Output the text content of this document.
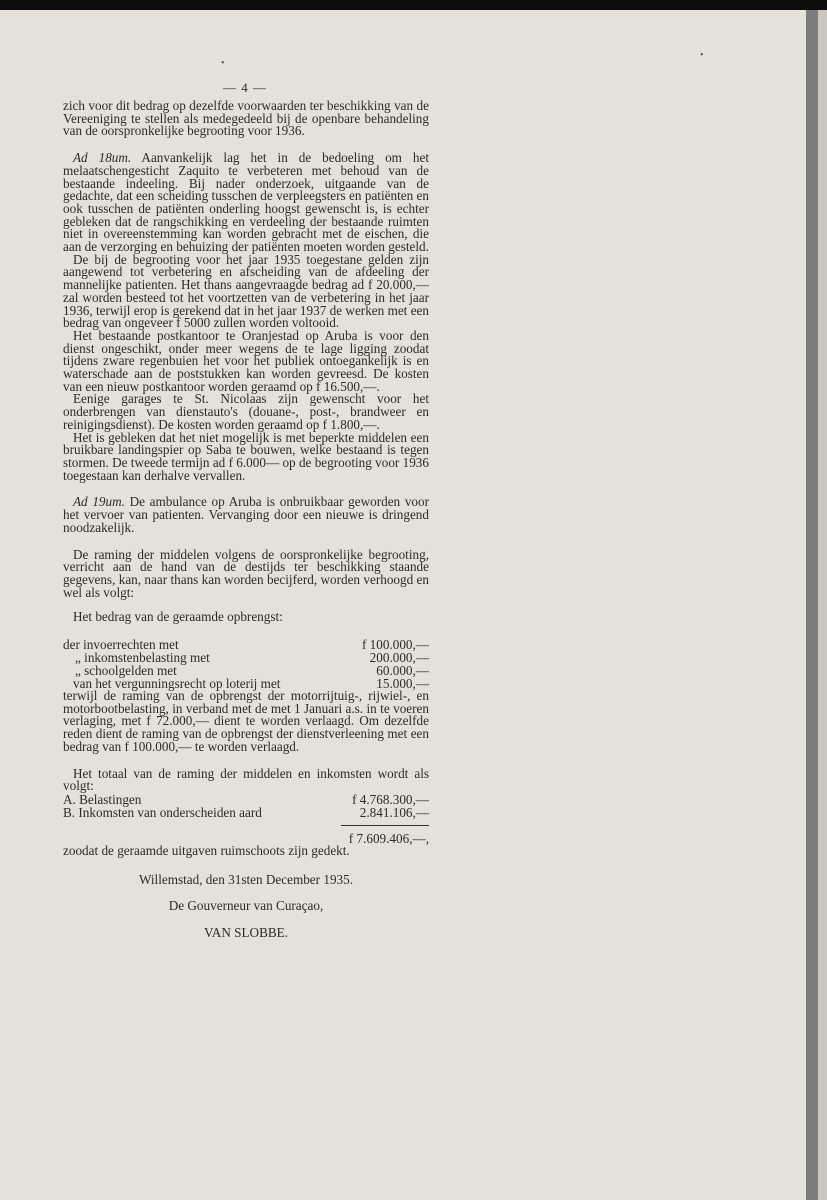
•
•
— 4 —

zich voor dit bedrag op dezelfde voorwaarden ter beschikking van de Vereeniging te stellen als medegedeeld bij de openbare behandeling van de oorspronkelijke begrooting voor 1936.

Ad 18um. Aanvankelijk lag het in de bedoeling om het melaatschengesticht Zaquito te verbeteren met behoud van de bestaande indeeling. Bij nader onderzoek, uitgaande van de gedachte, dat een scheiding tusschen de verpleegsters en patiënten en ook tusschen de patiënten onderling hoogst gewenscht is, is echter gebleken dat de rangschikking en verdeeling der bestaande ruimten niet in overeenstemming kan worden gebracht met de eischen, die aan de verzorging en behuizing der patiënten moeten worden gesteld.

De bij de begrooting voor het jaar 1935 toegestane gelden zijn aangewend tot verbetering en afscheiding van de afdeeling der mannelijke patienten. Het thans aangevraagde bedrag ad f 20.000,— zal worden besteed tot het voortzetten van de verbetering in het jaar 1936, terwijl erop is gerekend dat in het jaar 1937 de werken met een bedrag van ongeveer f 5000 zullen worden voltooid.

Het bestaande postkantoor te Oranjestad op Aruba is voor den dienst ongeschikt, onder meer wegens de te lage ligging zoodat tijdens zware regenbuien het voor het publiek ontoegankelijk is en waterschade aan de poststukken kan worden gevreesd. De kosten van een nieuw postkantoor worden geraamd op f 16.500,—.

Eenige garages te St. Nicolaas zijn gewenscht voor het onderbrengen van dienstauto's (douane-, post-, brandweer en reinigingsdienst). De kosten worden geraamd op f 1.800,—.

Het is gebleken dat het niet mogelijk is met beperkte middelen een bruikbare landingspier op Saba te bouwen, welke bestaand is tegen stormen. De tweede termijn ad f 6.000— op de begrooting voor 1936 toegestaan kan derhalve vervallen.

Ad 19um. De ambulance op Aruba is onbruikbaar geworden voor het vervoer van patienten. Vervanging door een nieuwe is dringend noodzakelijk.

De raming der middelen volgens de oorspronkelijke begrooting, verricht aan de hand van de destijds ter beschikking staande gegevens, kan, naar thans kan worden becijferd, worden verhoogd en wel als volgt:

Het bedrag van de geraamde opbrengst:

der invoerrechten met	f 100.000,—
„ inkomstenbelasting met	200.000,—
„ schoolgelden met	60.000,—
van het vergunningsrecht op loterij met	15.000,—

terwijl de raming van de opbrengst der motorrijtuig-, rijwiel-, en motorbootbelasting, in verband met de met 1 Januari a.s. in te voeren verlaging, met f 72.000,— dient te worden verlaagd. Om dezelfde reden dient de raming van de opbrengst der dienstverleening met een bedrag van f 100.000,— te worden verlaagd.

Het totaal van de raming der middelen en inkomsten wordt als volgt:

A. Belastingen	f 4.768.300,—
B. Inkomsten van onderscheiden aard	2.841.106,—
f 7.609.406,—,

zoodat de geraamde uitgaven ruimschoots zijn gedekt.

Willemstad, den 31sten December 1935.

De Gouverneur van Curaçao,

VAN SLOBBE.
